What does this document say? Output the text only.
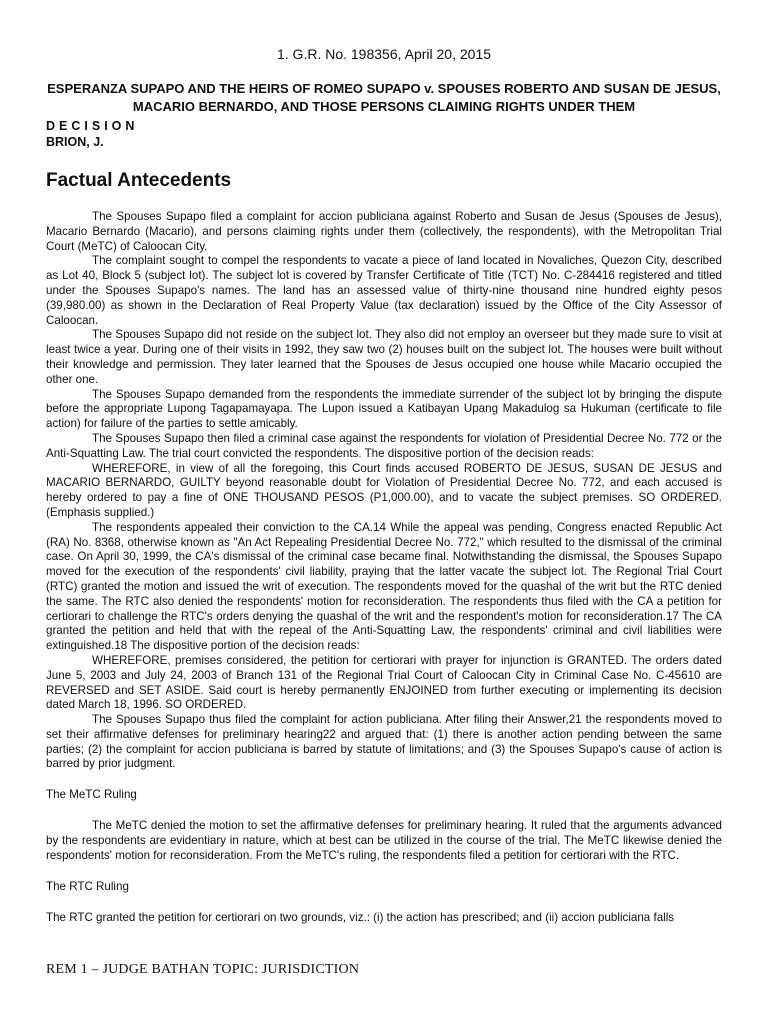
1. G.R. No. 198356, April 20, 2015
ESPERANZA SUPAPO AND THE HEIRS OF ROMEO SUPAPO v. SPOUSES ROBERTO AND SUSAN DE JESUS, MACARIO BERNARDO, AND THOSE PERSONS CLAIMING RIGHTS UNDER THEM
DECISION
BRION, J.
Factual Antecedents

The Spouses Supapo filed a complaint for accion publiciana against Roberto and Susan de Jesus (Spouses de Jesus), Macario Bernardo (Macario), and persons claiming rights under them (collectively, the respondents), with the Metropolitan Trial Court (MeTC) of Caloocan City.

The complaint sought to compel the respondents to vacate a piece of land located in Novaliches, Quezon City, described as Lot 40, Block 5 (subject lot). The subject lot is covered by Transfer Certificate of Title (TCT) No. C-284416 registered and titled under the Spouses Supapo's names. The land has an assessed value of thirty-nine thousand nine hundred eighty pesos (39,980.00) as shown in the Declaration of Real Property Value (tax declaration) issued by the Office of the City Assessor of Caloocan.

The Spouses Supapo did not reside on the subject lot. They also did not employ an overseer but they made sure to visit at least twice a year. During one of their visits in 1992, they saw two (2) houses built on the subject lot. The houses were built without their knowledge and permission. They later learned that the Spouses de Jesus occupied one house while Macario occupied the other one.

The Spouses Supapo demanded from the respondents the immediate surrender of the subject lot by bringing the dispute before the appropriate Lupong Tagapamayapa. The Lupon issued a Katibayan Upang Makadulog sa Hukuman (certificate to file action) for failure of the parties to settle amicably.

The Spouses Supapo then filed a criminal case against the respondents for violation of Presidential Decree No. 772 or the Anti-Squatting Law. The trial court convicted the respondents. The dispositive portion of the decision reads:

WHEREFORE, in view of all the foregoing, this Court finds accused ROBERTO DE JESUS, SUSAN DE JESUS and MACARIO BERNARDO, GUILTY beyond reasonable doubt for Violation of Presidential Decree No. 772, and each accused is hereby ordered to pay a fine of ONE THOUSAND PESOS (P1,000.00), and to vacate the subject premises. SO ORDERED. (Emphasis supplied.)

The respondents appealed their conviction to the CA.14 While the appeal was pending, Congress enacted Republic Act (RA) No. 8368, otherwise known as "An Act Repealing Presidential Decree No. 772," which resulted to the dismissal of the criminal case. On April 30, 1999, the CA's dismissal of the criminal case became final. Notwithstanding the dismissal, the Spouses Supapo moved for the execution of the respondents' civil liability, praying that the latter vacate the subject lot. The Regional Trial Court (RTC) granted the motion and issued the writ of execution. The respondents moved for the quashal of the writ but the RTC denied the same. The RTC also denied the respondents' motion for reconsideration. The respondents thus filed with the CA a petition for certiorari to challenge the RTC's orders denying the quashal of the writ and the respondent's motion for reconsideration.17 The CA granted the petition and held that with the repeal of the Anti-Squatting Law, the respondents' criminal and civil liabilities were extinguished.18 The dispositive portion of the decision reads:

WHEREFORE, premises considered, the petition for certiorari with prayer for injunction is GRANTED. The orders dated June 5, 2003 and July 24, 2003 of Branch 131 of the Regional Trial Court of Caloocan City in Criminal Case No. C-45610 are REVERSED and SET ASIDE. Said court is hereby permanently ENJOINED from further executing or implementing its decision dated March 18, 1996. SO ORDERED.

The Spouses Supapo thus filed the complaint for action publiciana. After filing their Answer,21 the respondents moved to set their affirmative defenses for preliminary hearing22 and argued that: (1) there is another action pending between the same parties; (2) the complaint for accion publiciana is barred by statute of limitations; and (3) the Spouses Supapo's cause of action is barred by prior judgment.

The MeTC Ruling

The MeTC denied the motion to set the affirmative defenses for preliminary hearing. It ruled that the arguments advanced by the respondents are evidentiary in nature, which at best can be utilized in the course of the trial. The MeTC likewise denied the respondents' motion for reconsideration. From the MeTC's ruling, the respondents filed a petition for certiorari with the RTC.

The RTC Ruling

The RTC granted the petition for certiorari on two grounds, viz.: (i) the action has prescribed; and (ii) accion publiciana falls

REM 1 – JUDGE BATHAN TOPIC: JURISDICTION
